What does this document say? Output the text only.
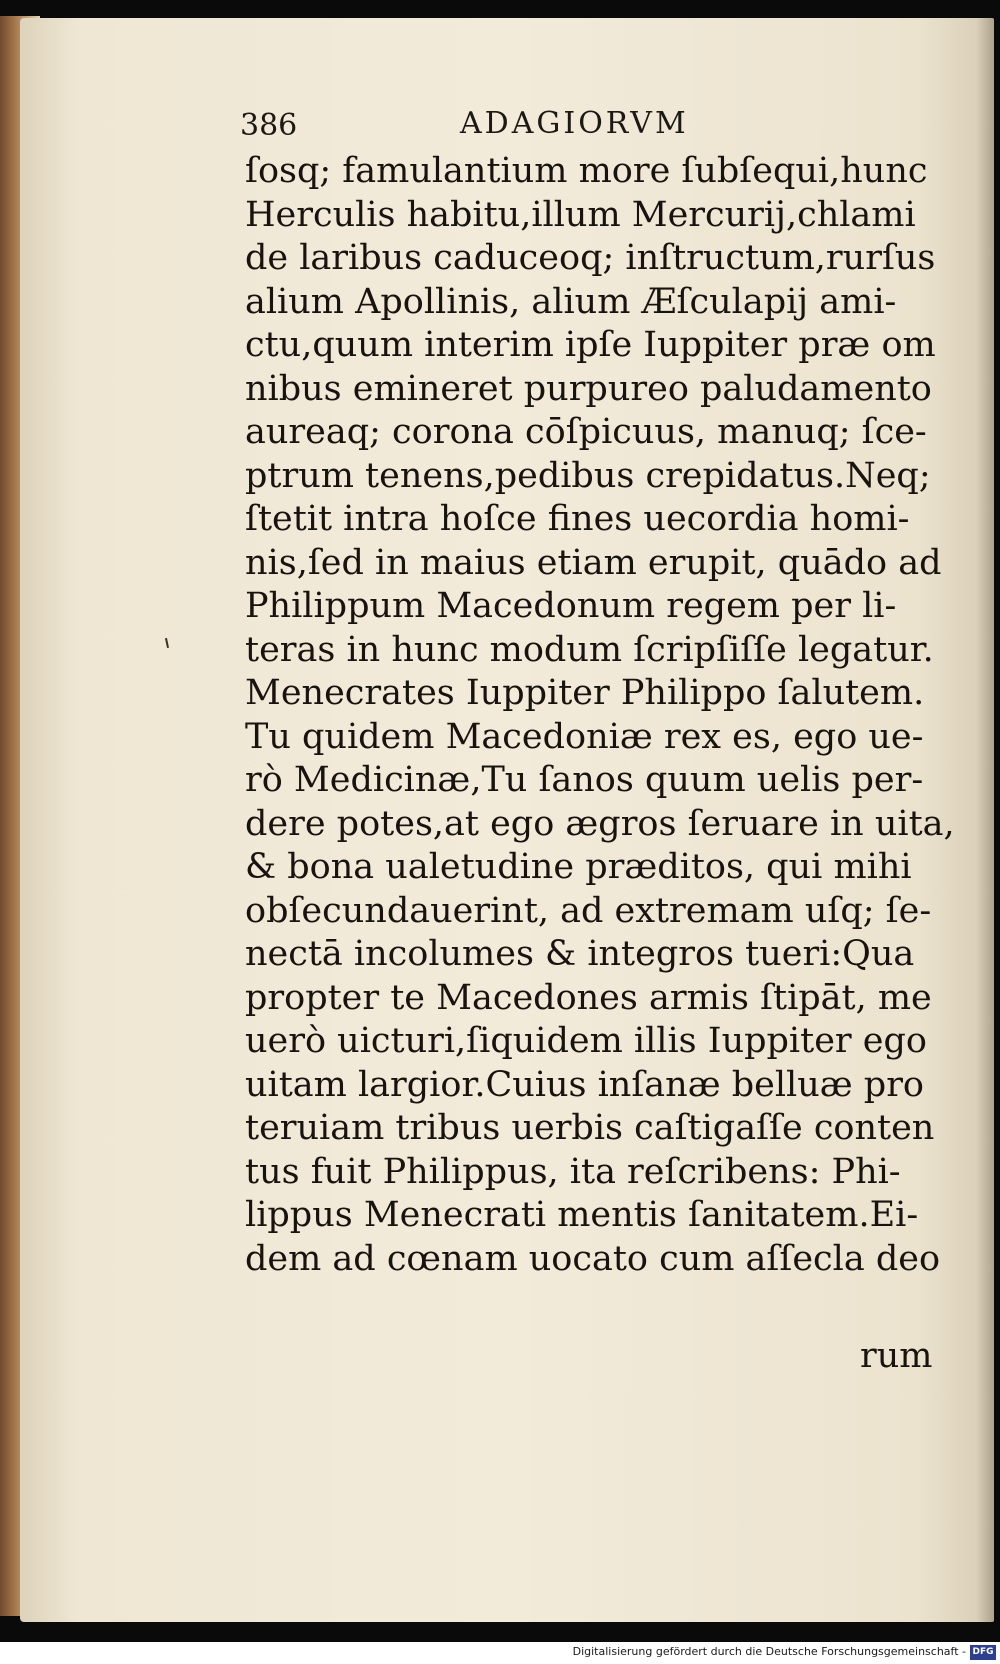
386	ADAGIORVM
ſosq; famulantium more ſubſequi,hunc
Herculis habitu,illum Mercurij,chlami
de laribus caduceoq; inſtructum,rurſus
alium Apollinis, alium Æſculapij ami-
ctu,quum interim ipſe Iuppiter præ om
nibus emineret purpureo paludamento
aureaq; corona cōſpicuus, manuq; ſce-
ptrum tenens,pedibus crepidatus.Neq;
ſtetit intra hoſce fines uecordia homi-
nis,ſed in maius etiam erupit, quādo ad
Philippum Macedonum regem per li-
teras in hunc modum ſcripſiſſe legatur.
Menecrates Iuppiter Philippo ſalutem.
Tu quidem Macedoniæ rex es, ego ue-
rò Medicinæ,Tu ſanos quum uelis per-
dere potes,at ego ægros ſeruare in uita,
& bona ualetudine præditos, qui mihi
obſecundauerint, ad extremam uſq; ſe-
nectā incolumes & integros tueri:Qua
propter te Macedones armis ſtipāt, me
uerò uicturi,ſiquidem illis Iuppiter ego
uitam largior.Cuius inſanæ belluæ pro
teruiam tribus uerbis caſtigaſſe conten
tus fuit Philippus, ita reſcribens: Phi-
lippus Menecrati mentis ſanitatem.Ei-
dem ad cœnam uocato cum aſſecla deo
rum
Digitalisierung gefördert durch die Deutsche Forschungsgemeinschaft - DFG
